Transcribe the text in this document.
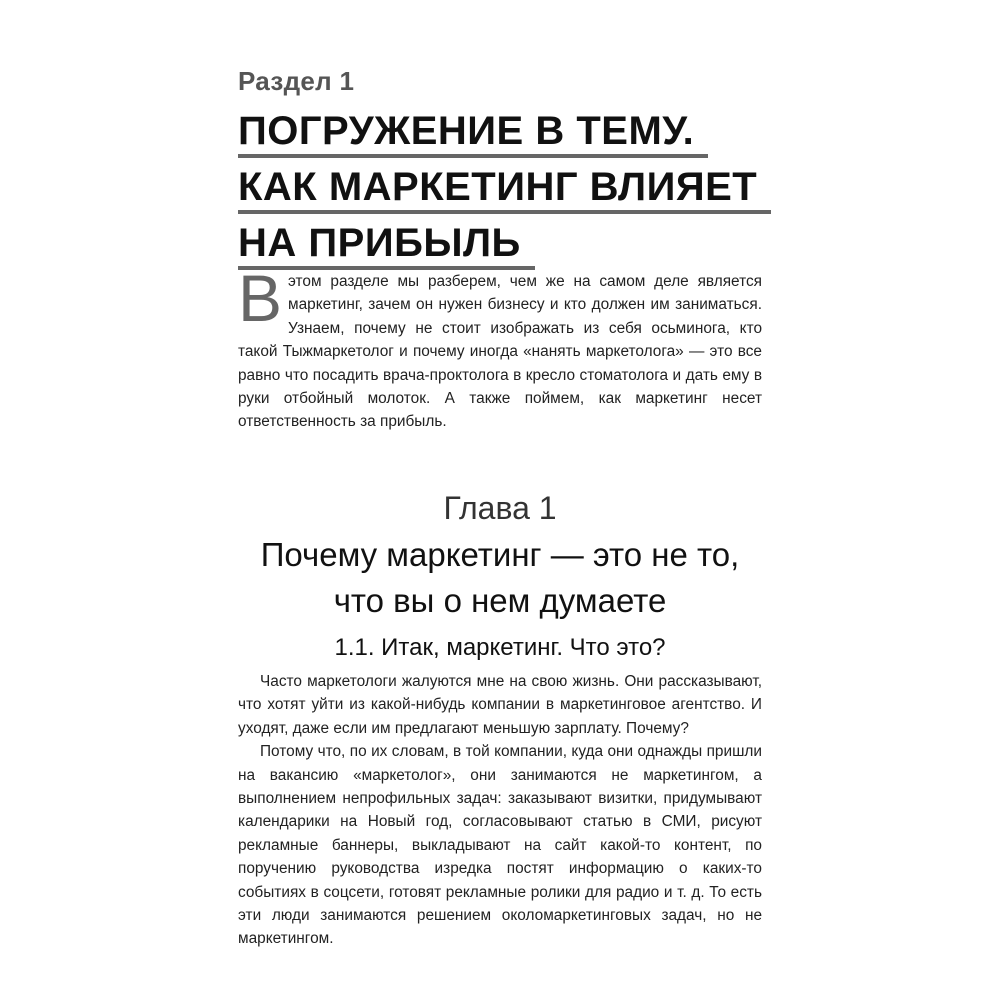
Раздел 1
ПОГРУЖЕНИЕ В ТЕМУ.
КАК МАРКЕТИНГ ВЛИЯЕТ
НА ПРИБЫЛЬ
В этом разделе мы разберем, чем же на самом деле является маркетинг, зачем он нужен бизнесу и кто должен им заниматься. Узнаем, почему не стоит изображать из себя осьминога, кто такой Тыжмаркетолог и почему иногда «нанять маркетолога» — это все равно что посадить врача-проктолога в кресло стоматолога и дать ему в руки отбойный молоток. А также поймем, как маркетинг несет ответственность за прибыль.
Глава 1
Почему маркетинг — это не то,
что вы о нем думаете
1.1. Итак, маркетинг. Что это?

Часто маркетологи жалуются мне на свою жизнь. Они рассказывают, что хотят уйти из какой-нибудь компании в маркетинговое агентство. И уходят, даже если им предлагают меньшую зарплату. Почему?

Потому что, по их словам, в той компании, куда они однажды пришли на вакансию «маркетолог», они занимаются не маркетингом, а выполнением непрофильных задач: заказывают визитки, придумывают календарики на Новый год, согласовывают статью в СМИ, рисуют рекламные баннеры, выкладывают на сайт какой-то контент, по поручению руководства изредка постят информацию о каких-то событиях в соцсети, готовят рекламные ролики для радио и т. д. То есть эти люди занимаются решением околомаркетинговых задач, но не маркетингом.
